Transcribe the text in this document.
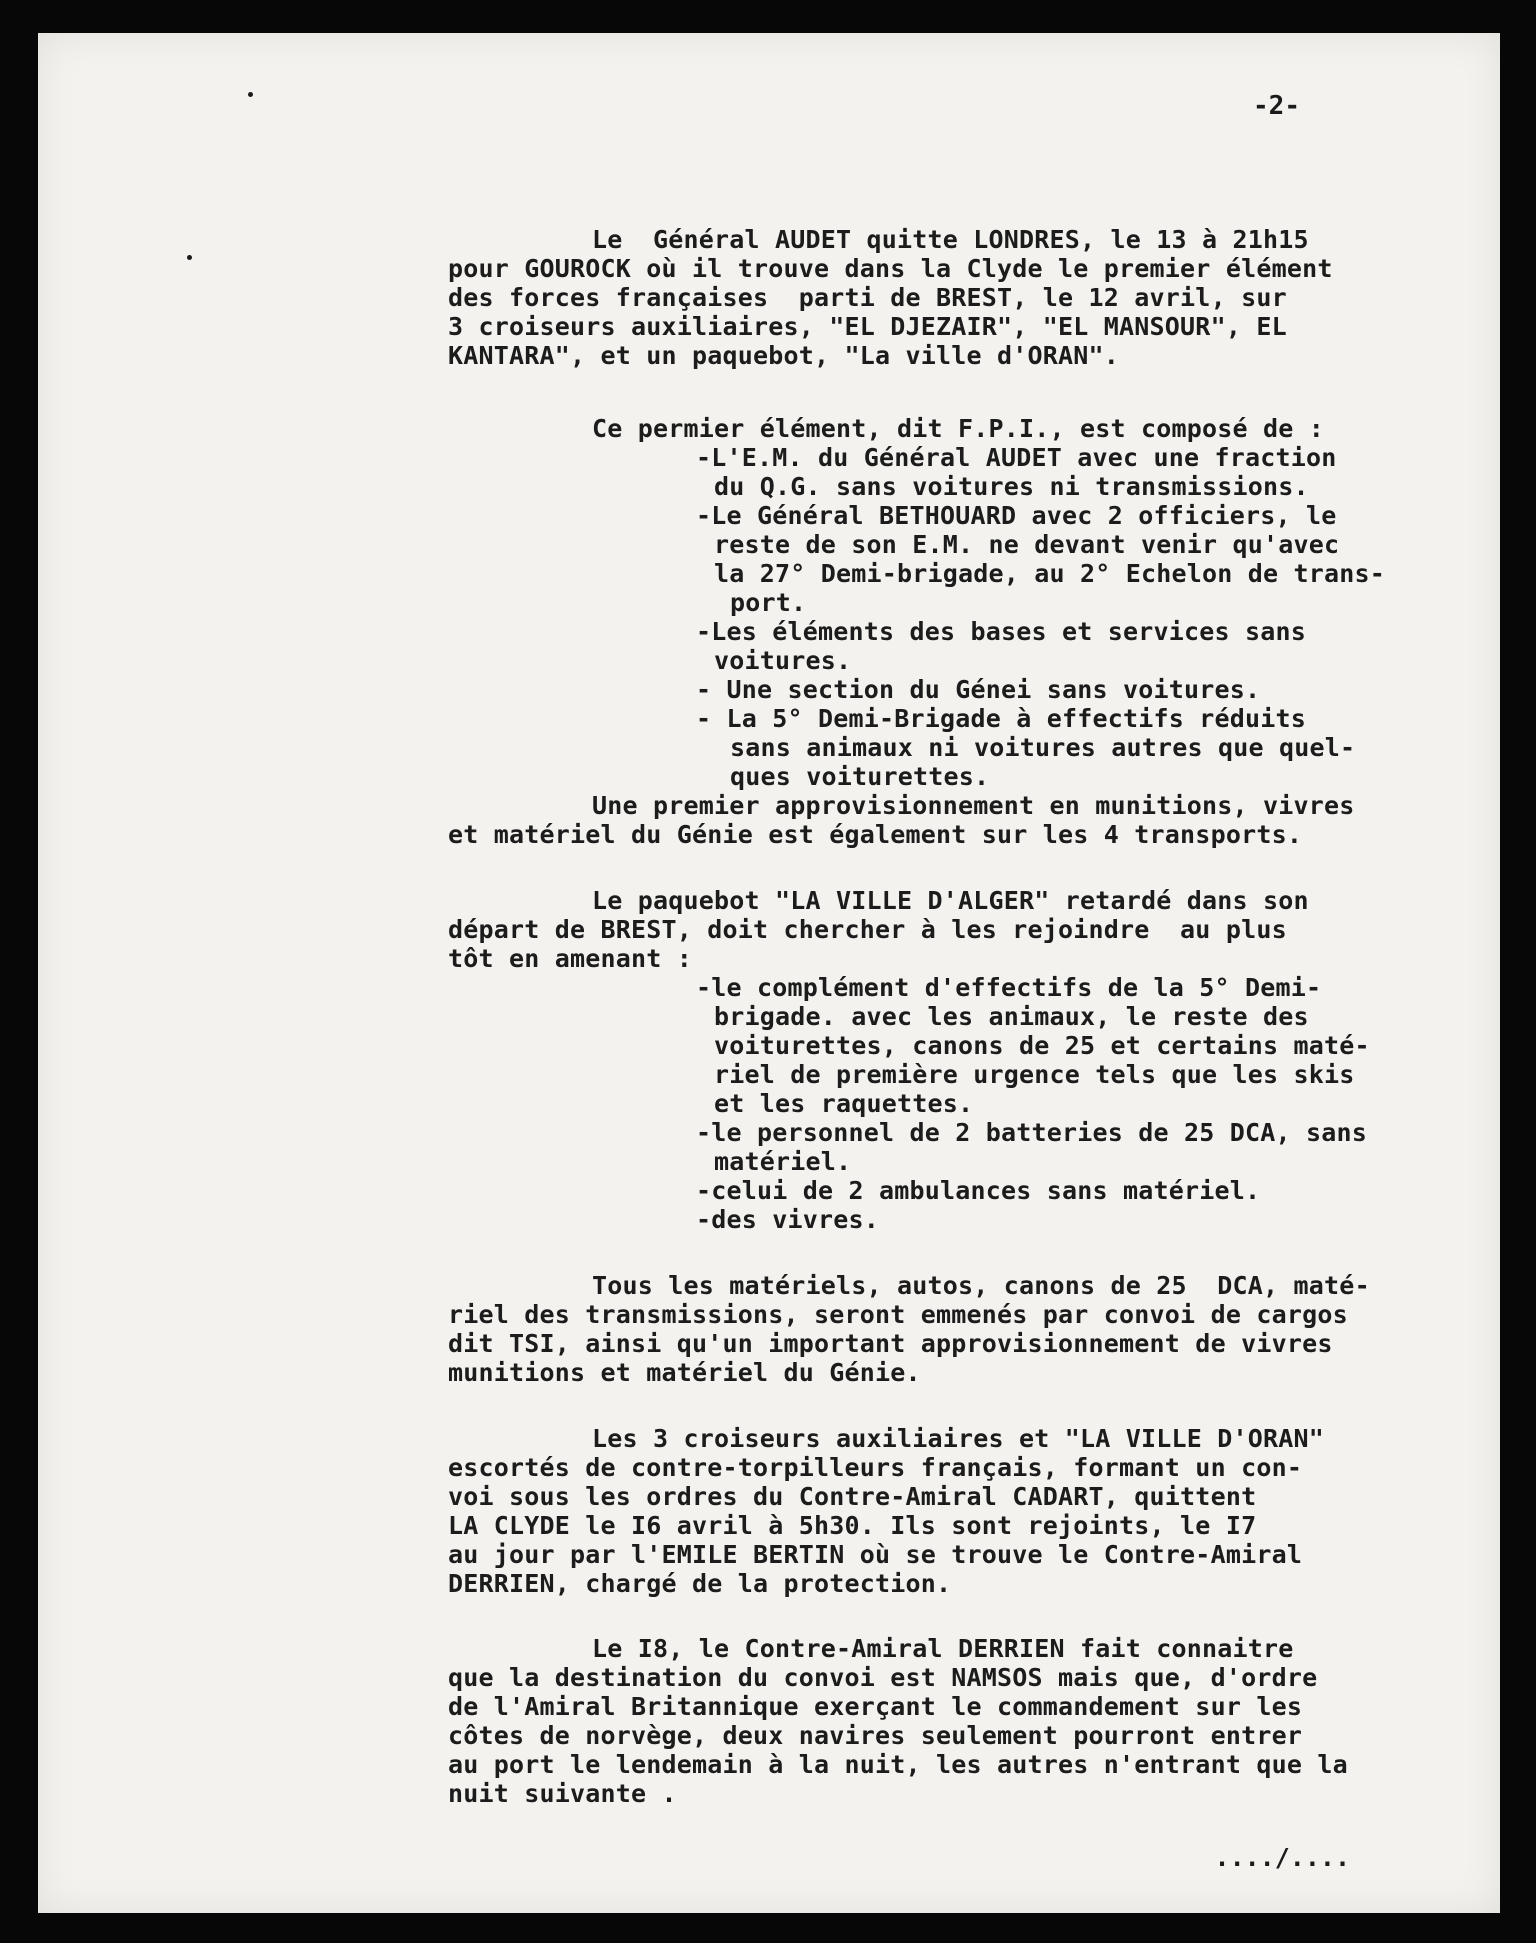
-2-
Le  Général AUDET quitte LONDRES, le 13 à 21h15
pour GOUROCK où il trouve dans la Clyde le premier élément
des forces françaises  parti de BREST, le 12 avril, sur
3 croiseurs auxiliaires, "EL DJEZAIR", "EL MANSOUR", EL
KANTARA", et un paquebot, "La ville d'ORAN".
Ce permier élément, dit F.P.I., est composé de :
-L'E.M. du Général AUDET avec une fraction
du Q.G. sans voitures ni transmissions.
-Le Général BETHOUARD avec 2 officiers, le
reste de son E.M. ne devant venir qu'avec
la 27° Demi-brigade, au 2° Echelon de trans-
port.
-Les éléments des bases et services sans
voitures.
- Une section du Génei sans voitures.
- La 5° Demi-Brigade à effectifs réduits
sans animaux ni voitures autres que quel-
ques voiturettes.
Une premier approvisionnement en munitions, vivres
et matériel du Génie est également sur les 4 transports.
Le paquebot "LA VILLE D'ALGER" retardé dans son
départ de BREST, doit chercher à les rejoindre  au plus
tôt en amenant :
-le complément d'effectifs de la 5° Demi-
brigade. avec les animaux, le reste des
voiturettes, canons de 25 et certains maté-
riel de première urgence tels que les skis
et les raquettes.
-le personnel de 2 batteries de 25 DCA, sans
matériel.
-celui de 2 ambulances sans matériel.
-des vivres.
Tous les matériels, autos, canons de 25  DCA, maté-
riel des transmissions, seront emmenés par convoi de cargos
dit TSI, ainsi qu'un important approvisionnement de vivres
munitions et matériel du Génie.
Les 3 croiseurs auxiliaires et "LA VILLE D'ORAN"
escortés de contre-torpilleurs français, formant un con-
voi sous les ordres du Contre-Amiral CADART, quittent
LA CLYDE le I6 avril à 5h30. Ils sont rejoints, le I7
au jour par l'EMILE BERTIN où se trouve le Contre-Amiral
DERRIEN, chargé de la protection.
Le I8, le Contre-Amiral DERRIEN fait connaitre
que la destination du convoi est NAMSOS mais que, d'ordre
de l'Amiral Britannique exerçant le commandement sur les
côtes de norvège, deux navires seulement pourront entrer
au port le lendemain à la nuit, les autres n'entrant que la
nuit suivante .
..../....
